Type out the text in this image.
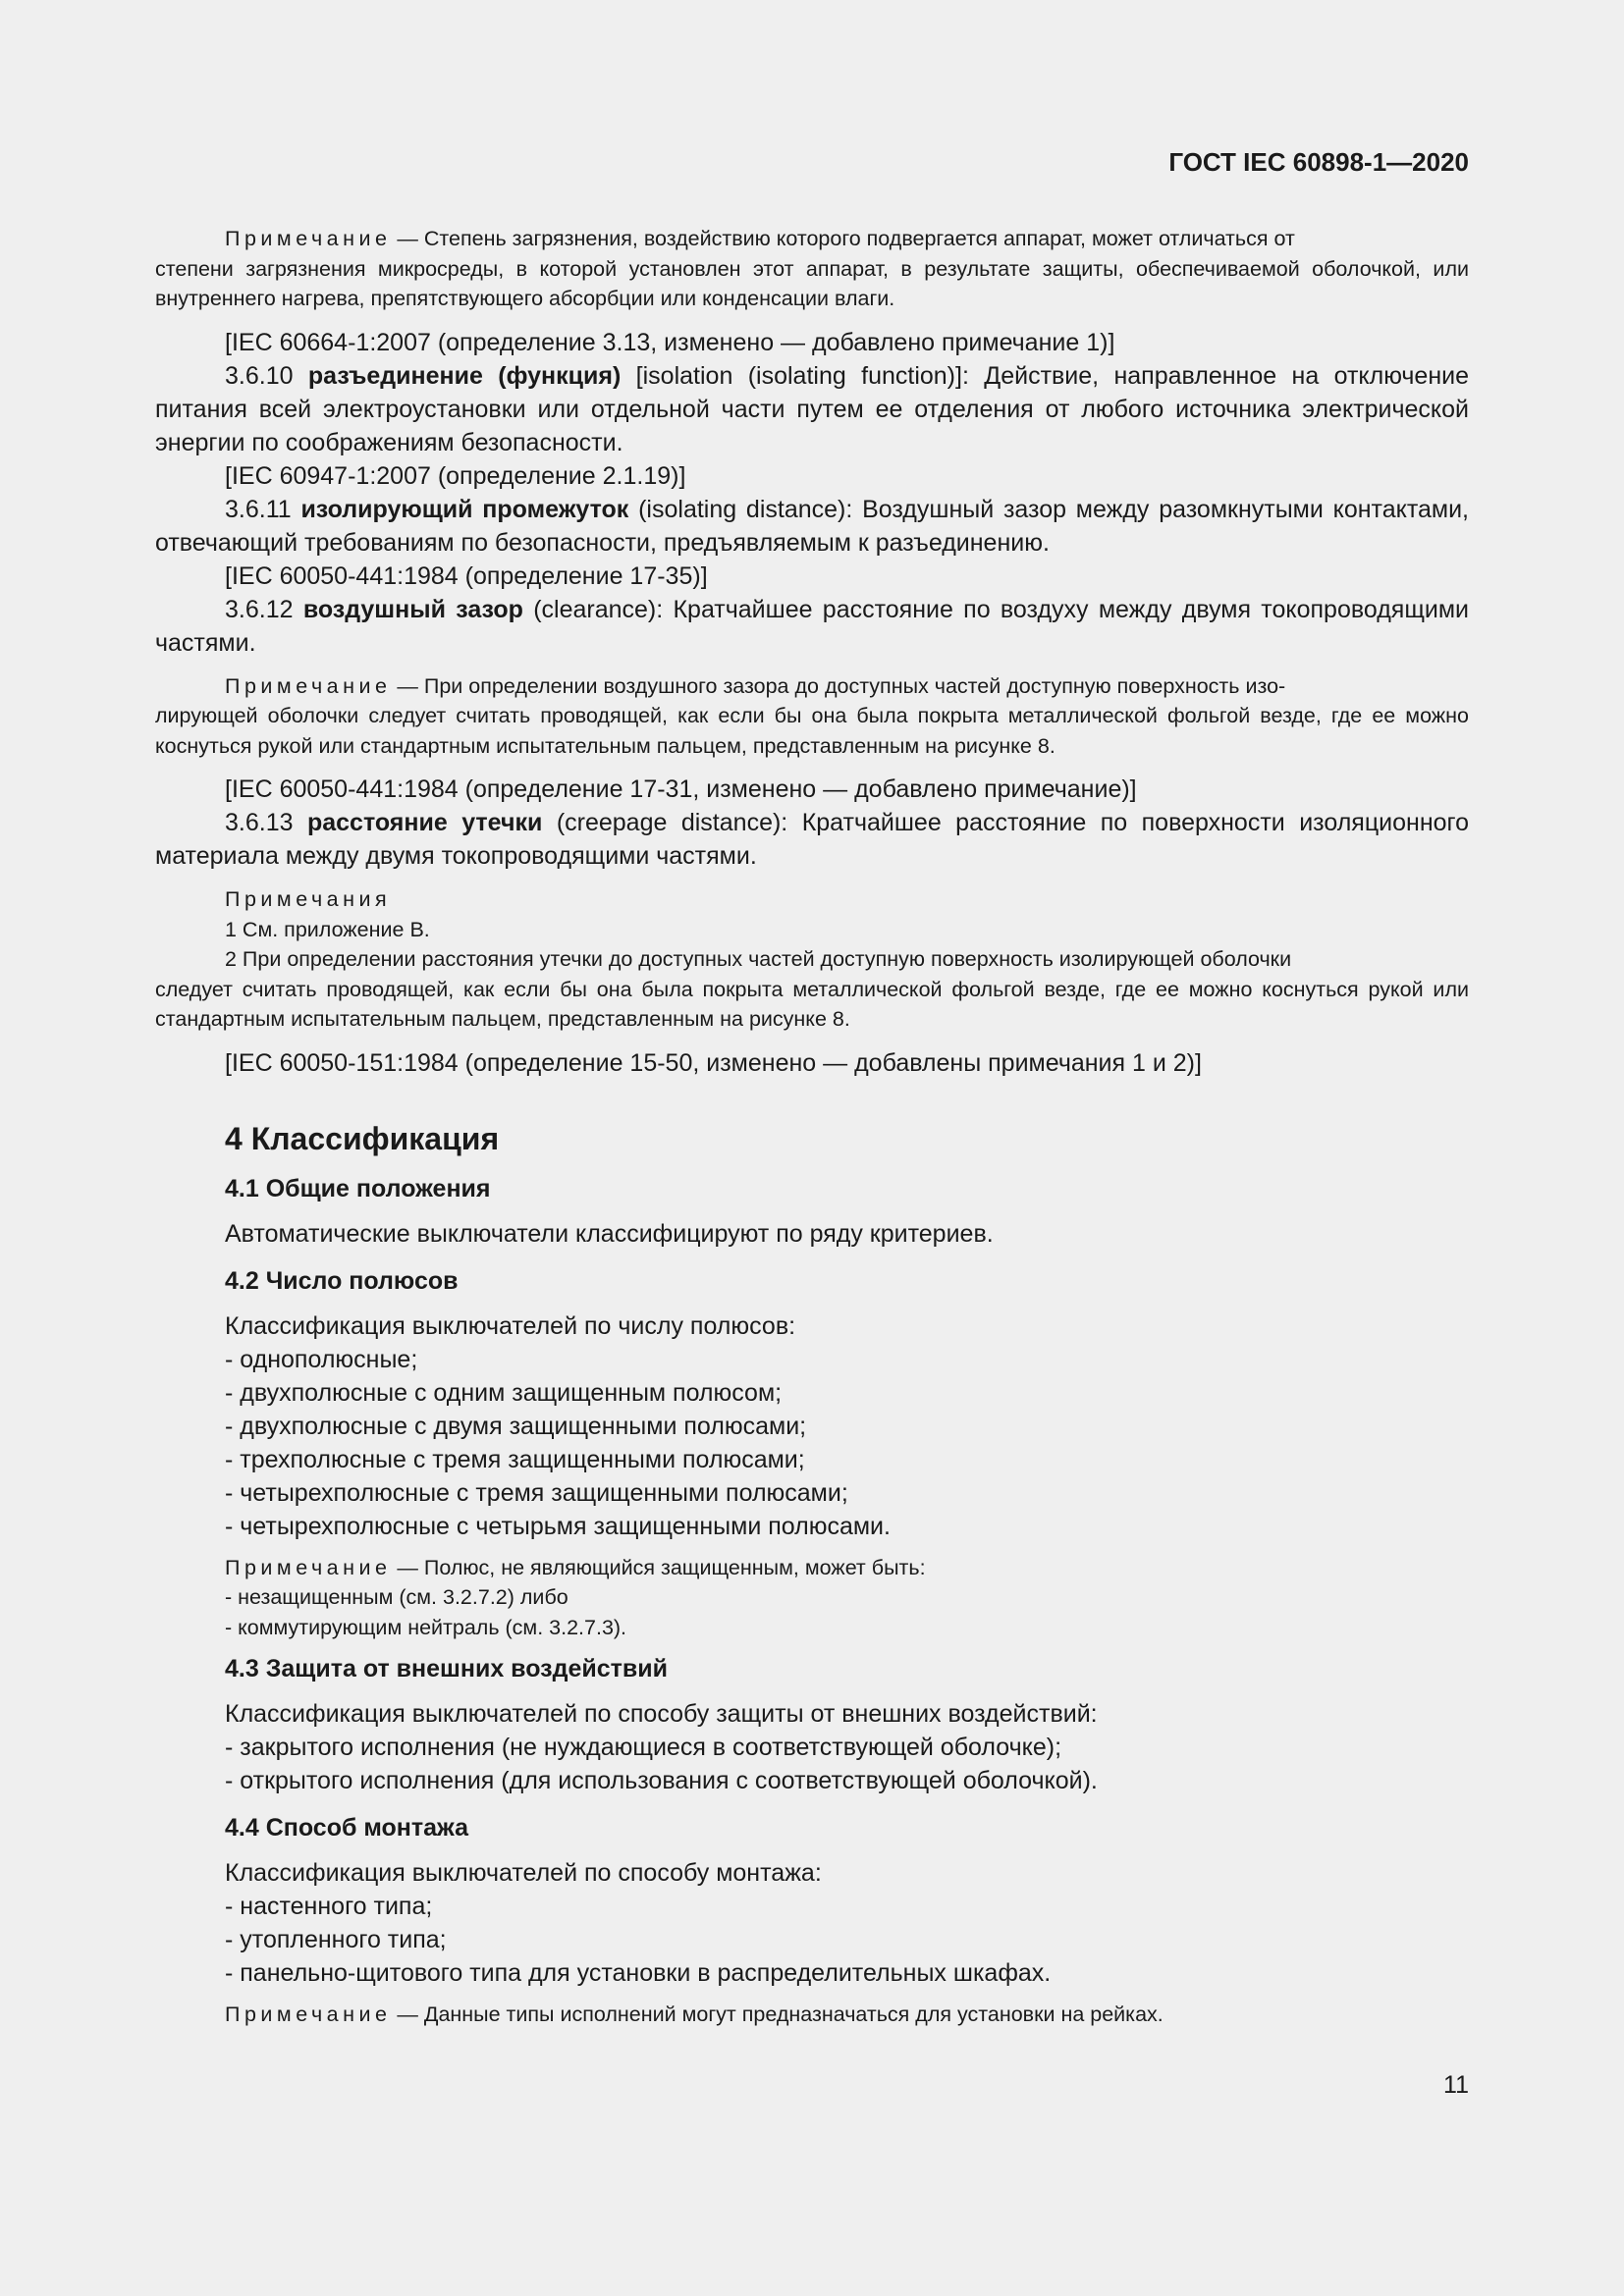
ГОСТ IEC 60898-1—2020
Примечание — Степень загрязнения, воздействию которого подвергается аппарат, может отличаться от
степени загрязнения микросреды, в которой установлен этот аппарат, в результате защиты, обеспечиваемой оболочкой, или внутреннего нагрева, препятствующего абсорбции или конденсации влаги.
[IEC 60664-1:2007 (определение 3.13, изменено — добавлено примечание 1)]
3.6.10 разъединение (функция) [isolation (isolating function)]: Действие, направленное на отключение питания всей электроустановки или отдельной части путем ее отделения от любого источника электрической энергии по соображениям безопасности.
[IEC 60947-1:2007 (определение 2.1.19)]
3.6.11 изолирующий промежуток (isolating distance): Воздушный зазор между разомкнутыми контактами, отвечающий требованиям по безопасности, предъявляемым к разъединению.
[IEC 60050-441:1984 (определение 17-35)]
3.6.12 воздушный зазор (clearance): Кратчайшее расстояние по воздуху между двумя токопроводящими частями.
Примечание — При определении воздушного зазора до доступных частей доступную поверхность изо-
лирующей оболочки следует считать проводящей, как если бы она была покрыта металлической фольгой везде, где ее можно коснуться рукой или стандартным испытательным пальцем, представленным на рисунке 8.
[IEC 60050-441:1984 (определение 17-31, изменено — добавлено примечание)]
3.6.13 расстояние утечки (creepage distance): Кратчайшее расстояние по поверхности изоляционного материала между двумя токопроводящими частями.
Примечания
1 См. приложение В.
2 При определении расстояния утечки до доступных частей доступную поверхность изолирующей оболочки
следует считать проводящей, как если бы она была покрыта металлической фольгой везде, где ее можно коснуться рукой или стандартным испытательным пальцем, представленным на рисунке 8.
[IEC 60050-151:1984 (определение 15-50, изменено — добавлены примечания 1 и 2)]
4 Классификация
4.1 Общие положения
Автоматические выключатели классифицируют по ряду критериев.
4.2 Число полюсов
Классификация выключателей по числу полюсов:
- однополюсные;
- двухполюсные с одним защищенным полюсом;
- двухполюсные с двумя защищенными полюсами;
- трехполюсные с тремя защищенными полюсами;
- четырехполюсные с тремя защищенными полюсами;
- четырехполюсные с четырьмя защищенными полюсами.
Примечание — Полюс, не являющийся защищенным, может быть:
- незащищенным (см. 3.2.7.2) либо
- коммутирующим нейтраль (см. 3.2.7.3).
4.3 Защита от внешних воздействий
Классификация выключателей по способу защиты от внешних воздействий:
- закрытого исполнения (не нуждающиеся в соответствующей оболочке);
- открытого исполнения (для использования с соответствующей оболочкой).
4.4 Способ монтажа
Классификация выключателей по способу монтажа:
- настенного типа;
- утопленного типа;
- панельно-щитового типа для установки в распределительных шкафах.
Примечание — Данные типы исполнений могут предназначаться для установки на рейках.
11
